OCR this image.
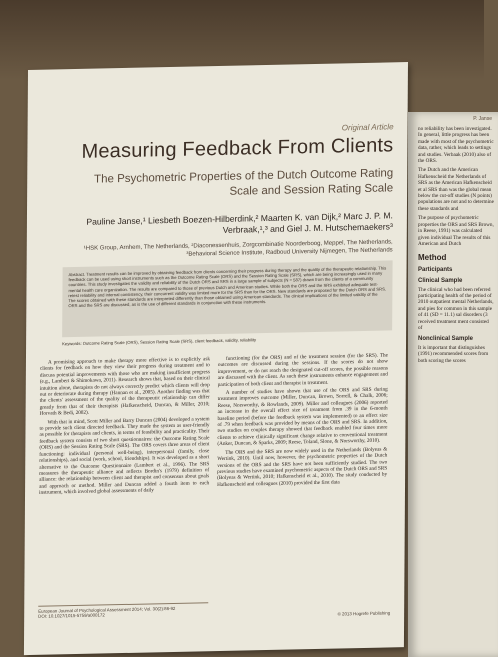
Original Article
Measuring Feedback From Clients
The Psychometric Properties of the Dutch Outcome Rating Scale and Session Rating Scale
Pauline Janse,¹ Liesbeth Boezen-Hilberdink,² Maarten K. van Dijk,² Marc J. P. M. Verbraak,¹,³ and Giel J. M. Hutschemaekers³
¹HSK Group, Arnhem, The Netherlands, ²Diaconessenhuis, Zorgcombinatie Noorderboog, Meppel, The Netherlands, ³Behavioral Science Institute, Radboud University Nijmegen, The Netherlands
Abstract. Treatment results can be improved by obtaining feedback from clients concerning their progress during therapy and the quality of the therapeutic relationship. This feedback can be used using short instruments such as the Outcome Rating Scale (ORS) and the Session Rating Scale (SRS), which are being increasingly used in many countries. This study investigates the validity and reliability of the Dutch ORS and SRS in a large sample of subjects (N = 587) drawn from the clients of a community mental health care organization. The results are compared to those of previous Dutch and American studies. While both the ORS and the SRS exhibited adequate test-retest reliability and internal consistency, their concurrent validity was limited more for the SRS than for the ORS. New standards are proposed for the Dutch ORS and SRS. The scores obtained with these standards are interpreted differently than those obtained using American standards. The clinical implications of the limited validity of the ORS and the SRS are discussed, as is the use of different standards in conjunction with these instruments.
Keywords: Outcome Rating Scale (ORS), Session Rating Scale (SRS), client feedback, validity, reliability

A promising approach to make therapy more effective is to explicitly ask clients for feedback on how they view their progress during treatment and to discuss potential improvements with those who are making insufficient progress (e.g., Lambert & Shimokawa, 2011). Research shows that, based on their clinical intuition alone, therapists do not always correctly predict which clients will drop out or deteriorate during therapy (Hannan et al., 2005). Another finding was that the clients' assessment of the quality of the therapeutic relationship can differ greatly from that of their therapists (Hafkenscheid, Duncan, & Miller, 2010; Horvath & Bedi, 2002).

With that in mind, Scott Miller and Barry Duncan (2004) developed a system to provide such client directed feedback. They made the system as user-friendly as possible for therapists and clients, in terms of feasibility and practicality. Their feedback system consists of two short questionnaires: the Outcome Rating Scale (ORS) and the Session Rating Scale (SRS). The ORS covers three areas of client functioning: individual (personal well-being), interpersonal (family, close relationships), and social (work, school, friendships). It was developed as a short alternative to the Outcome Questionnaire (Lambert et al., 1996). The SRS measures the therapeutic alliance and reflects Bordin's (1979) definition of alliance: the relationship between client and therapist and consensus about goals and approach or method. Miller and Duncan added a fourth item to each instrument, which involved global assessments of daily

functioning (for the ORS) and of the treatment session (for the SRS). The outcomes are discussed during the sessions. If the scores do not show improvement, or do not reach the designated cut-off scores, the possible reasons are discussed with the client. As such these instruments enhance engagement and participation of both client and therapist in treatment.

A number of studies have shown that use of the ORS and SRS during treatment improves outcome (Miller, Duncan, Brown, Sorrell, & Chalk, 2006; Reese, Norsworthy, & Rowlands, 2009). Miller and colleagues (2006) reported an increase in the overall effect size of treatment from .39 in the 6-month baseline period (before the feedback system was implemented) to an effect size of .79 when feedback was provided by means of the ORS and SRS. In addition, two studies on couples therapy showed that feedback enabled four times more clients to achieve clinically significant change relative to conventional treatment (Anker, Duncan, & Sparks, 2009; Reese, Toland, Slone, & Norsworthy, 2010).

The ORS and the SRS are now widely used in the Netherlands (Bolyeas & Wertink, 2010). Until now, however, the psychometric properties of the Dutch versions of the ORS and the SRS have not been sufficiently studied. The two previous studies have examined psychometric aspects of the Dutch ORS and SRS (Bolyeas & Wertink, 2010; Hafkenscheid et al., 2010). The study conducted by Hafkenscheid and colleagues (2010) provided the first data

European Journal of Psychological Assessment 2014; Vol. 30(2):86-92
DOI: 10.1027/1015-5759/a000172	© 2013 Hogrefe Publishing
P. Janse
no reliability has been investigated. In general, little progress has been made with most of the psychometric data, rather, which leads to settings and studies. Verbaak (2010) also of the ORS.
The Dutch and the American Hafkenscheid the Netherlands of SRS as the American Hafkenscheid et al SRS than was the global mean below the cut-off studies (N points) populations are not and to determine these standards and
The purpose of psychometric properties the ORS and SRS Brown, in Reese, 1991) was calculated given individual The results of this American and Dutch
Method
Participants
Clinical Sample
The clinical who had been referred participating health of the period of 2010 outpatient mental Netherlands, and pies for common in this sample of 41 (SD = 11.1) sal disorders (3 received treatment ment consisted of
Nonclinical Sample
It is important that distinguishes (1991) recommended scores from both scoring the scores
